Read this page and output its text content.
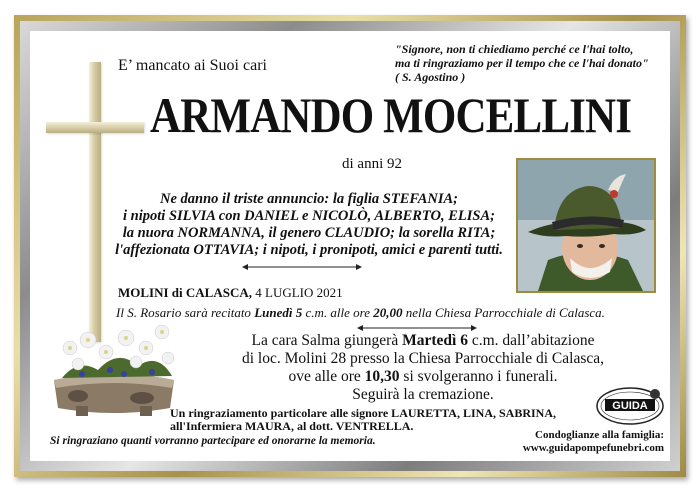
E’ mancato ai Suoi cari
"Signore, non ti chiediamo perché ce l'hai tolto,
ma ti ringraziamo per il tempo che ce l'hai donato"
( S. Agostino )
ARMANDO MOCELLINI
di anni 92
Ne danno il triste annuncio: la figlia STEFANIA;
i nipoti SILVIA con DANIEL e NICOLÒ, ALBERTO, ELISA;
la nuora NORMANNA, il genero CLAUDIO; la sorella RITA;
l'affezionata OTTAVIA; i nipoti, i pronipoti, amici e parenti tutti.
MOLINI di CALASCA, 4 LUGLIO 2021
Il S. Rosario sarà recitato Lunedì 5 c.m. alle ore 20,00 nella Chiesa Parrocchiale di Calasca.
La cara Salma giungerà Martedì 6 c.m. dall’abitazione
di loc. Molini 28 presso la Chiesa Parrocchiale di Calasca,
ove alle ore 10,30 si svolgeranno i funerali.
Seguirà la cremazione.
Un ringraziamento particolare alle signore LAURETTA, LINA, SABRINA,
all'Infermiera MAURA, al dott. VENTRELLA.
Si ringraziano quanti vorranno partecipare ed onorarne la memoria.
GUIDA
Condoglianze alla famiglia:
www.guidapompefunebri.com
